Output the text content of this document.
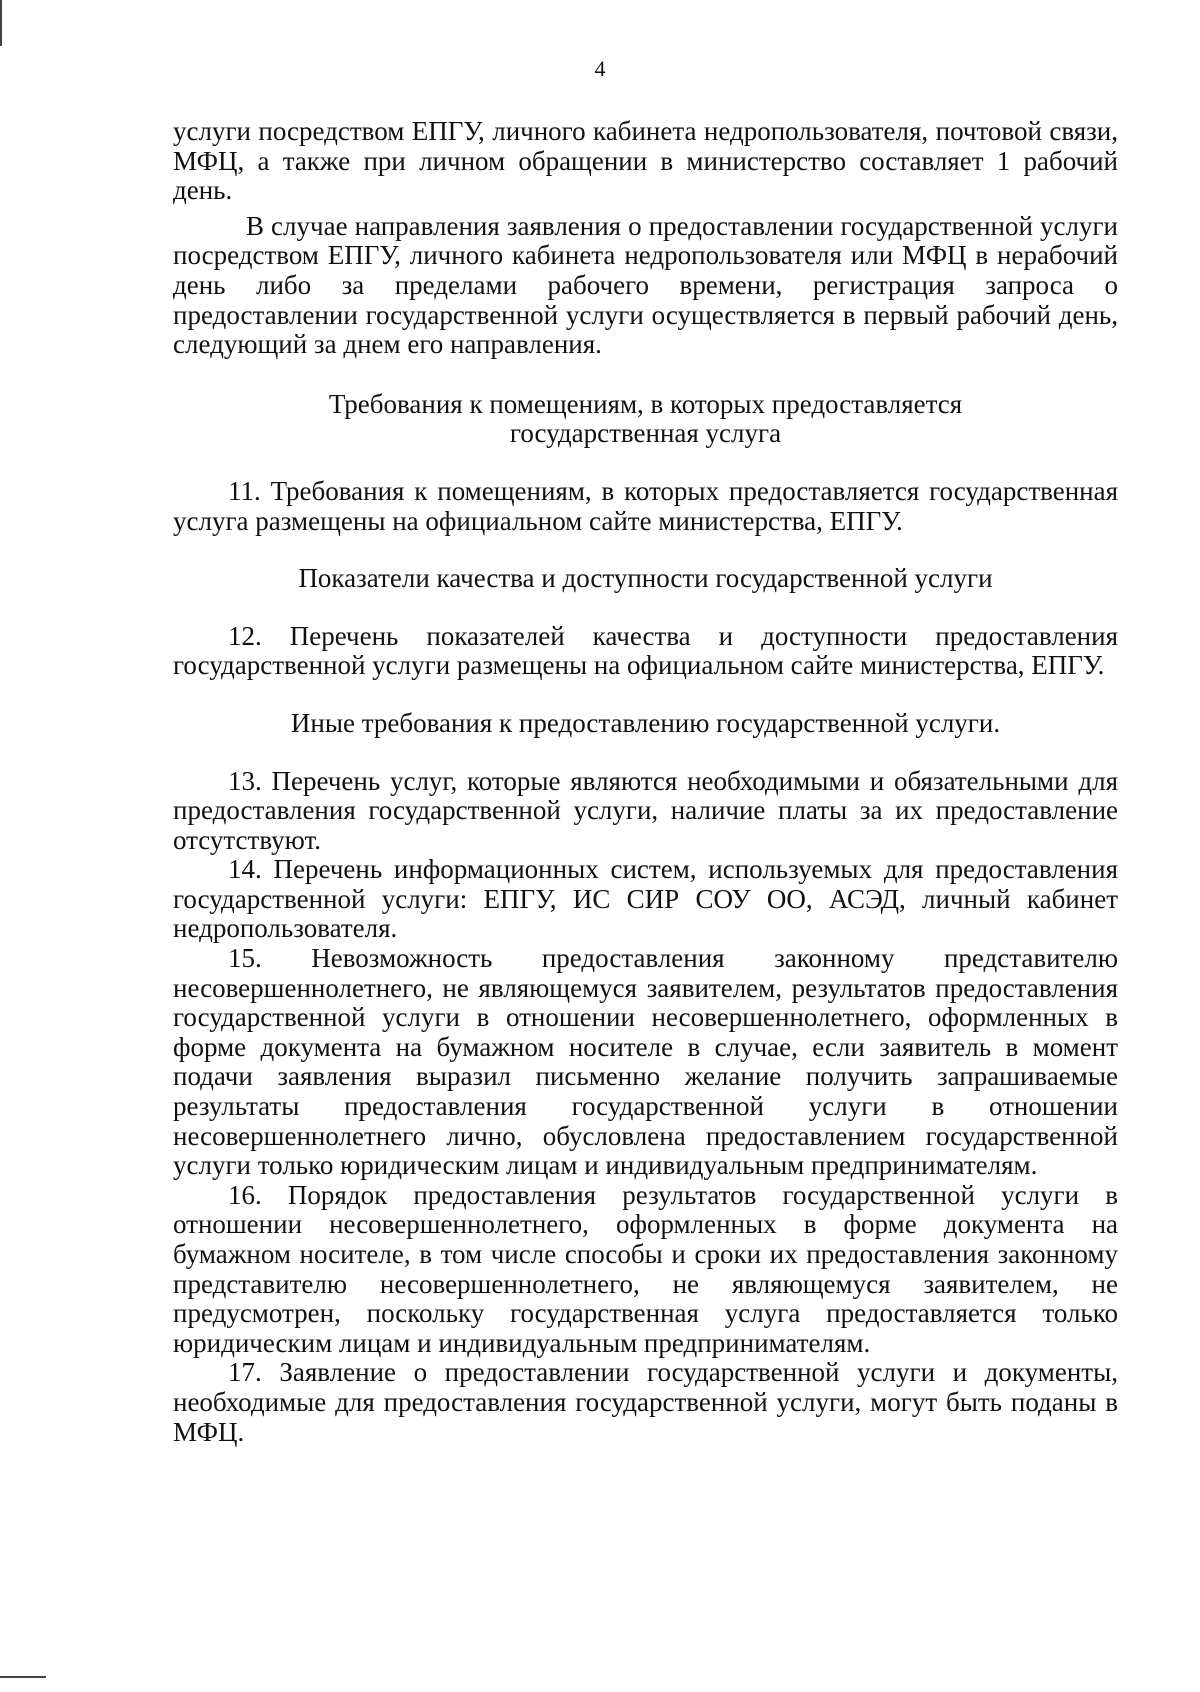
4

услуги посредством ЕПГУ, личного кабинета недропользователя, почтовой связи, МФЦ, а также при личном обращении в министерство составляет 1 рабочий день.

В случае направления заявления о предоставлении государственной услуги посредством ЕПГУ, личного кабинета недропользователя или МФЦ в нерабочий день либо за пределами рабочего времени, регистрация запроса о предоставлении государственной услуги осуществляется в первый рабочий день, следующий за днем его направления.

Требования к помещениям, в которых предоставляется
государственная услуга

11. Требования к помещениям, в которых предоставляется государственная услуга размещены на официальном сайте министерства, ЕПГУ.

Показатели качества и доступности государственной услуги

12. Перечень показателей качества и доступности предоставления государственной услуги размещены на официальном сайте министерства, ЕПГУ.

Иные требования к предоставлению государственной услуги.

13. Перечень услуг, которые являются необходимыми и обязательными для предоставления государственной услуги, наличие платы за их предоставление отсутствуют.

14. Перечень информационных систем, используемых для предоставления государственной услуги: ЕПГУ, ИС СИР СОУ ОО, АСЭД, личный кабинет недропользователя.

15. Невозможность предоставления законному представителю несовершеннолетнего, не являющемуся заявителем, результатов предоставления государственной услуги в отношении несовершеннолетнего, оформленных в форме документа на бумажном носителе в случае, если заявитель в момент подачи заявления выразил письменно желание получить запрашиваемые результаты предоставления государственной услуги в отношении несовершеннолетнего лично, обусловлена предоставлением государственной услуги только юридическим лицам и индивидуальным предпринимателям.

16. Порядок предоставления результатов государственной услуги в отношении несовершеннолетнего, оформленных в форме документа на бумажном носителе, в том числе способы и сроки их предоставления законному представителю несовершеннолетнего, не являющемуся заявителем, не предусмотрен, поскольку государственная услуга предоставляется только юридическим лицам и индивидуальным предпринимателям.

17. Заявление о предоставлении государственной услуги и документы, необходимые для предоставления государственной услуги, могут быть поданы в МФЦ.
